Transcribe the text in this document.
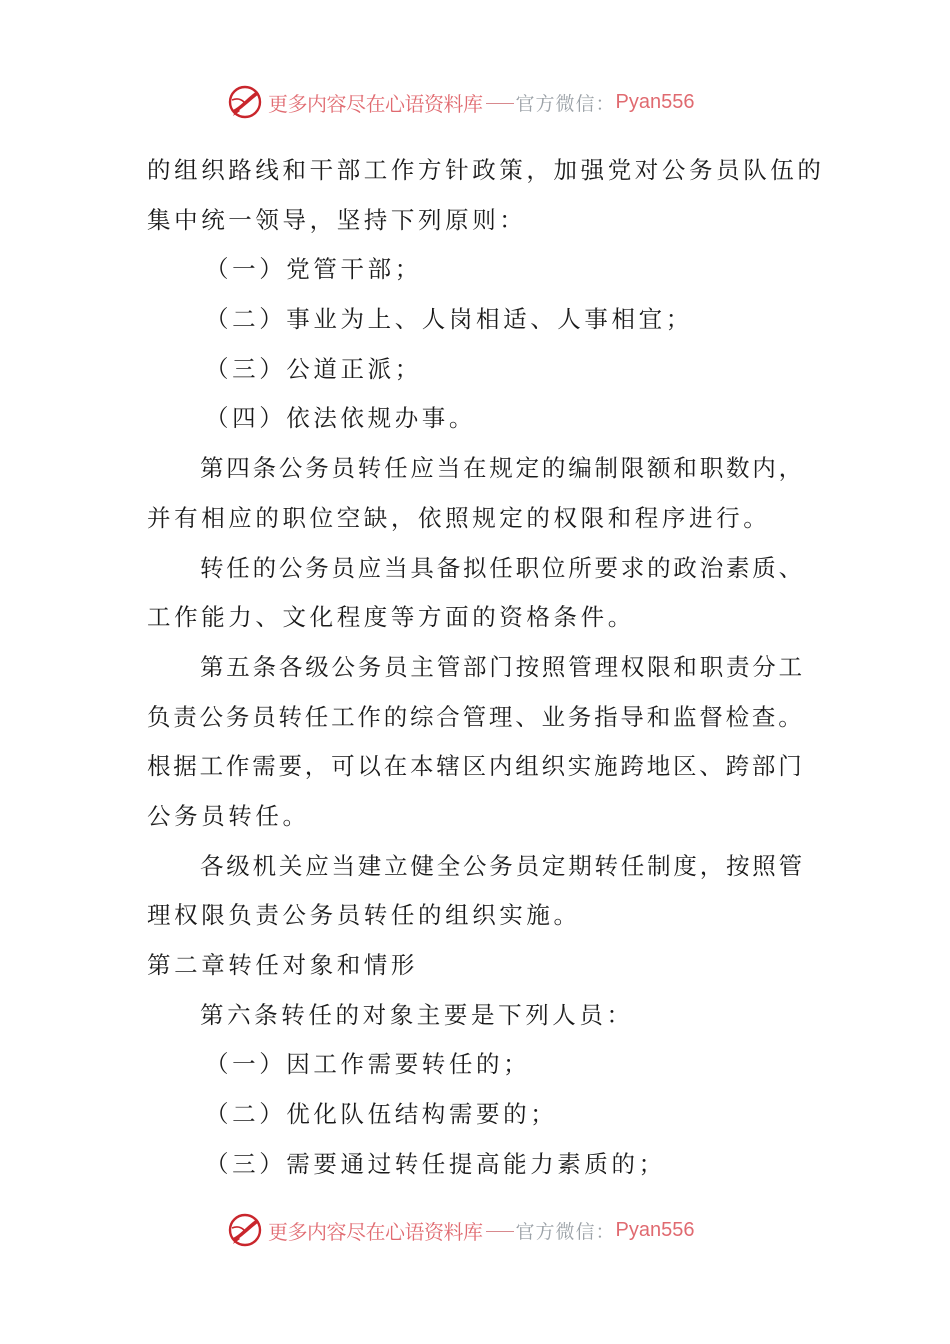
更多内容尽在心语资料库 官方微信： Pyan556
的组织路线和干部工作方针政策，加强党对公务员队伍的
集中统一领导，坚持下列原则：
（一）党管干部；
（二）事业为上、人岗相适、人事相宜；
（三）公道正派；
（四）依法依规办事。
第四条公务员转任应当在规定的编制限额和职数内，
并有相应的职位空缺，依照规定的权限和程序进行。
转任的公务员应当具备拟任职位所要求的政治素质、
工作能力、文化程度等方面的资格条件。
第五条各级公务员主管部门按照管理权限和职责分工
负责公务员转任工作的综合管理、业务指导和监督检查。
根据工作需要，可以在本辖区内组织实施跨地区、跨部门
公务员转任。
各级机关应当建立健全公务员定期转任制度，按照管
理权限负责公务员转任的组织实施。
第二章转任对象和情形
第六条转任的对象主要是下列人员：
（一）因工作需要转任的；
（二）优化队伍结构需要的；
（三）需要通过转任提高能力素质的；
更多内容尽在心语资料库 官方微信： Pyan556
